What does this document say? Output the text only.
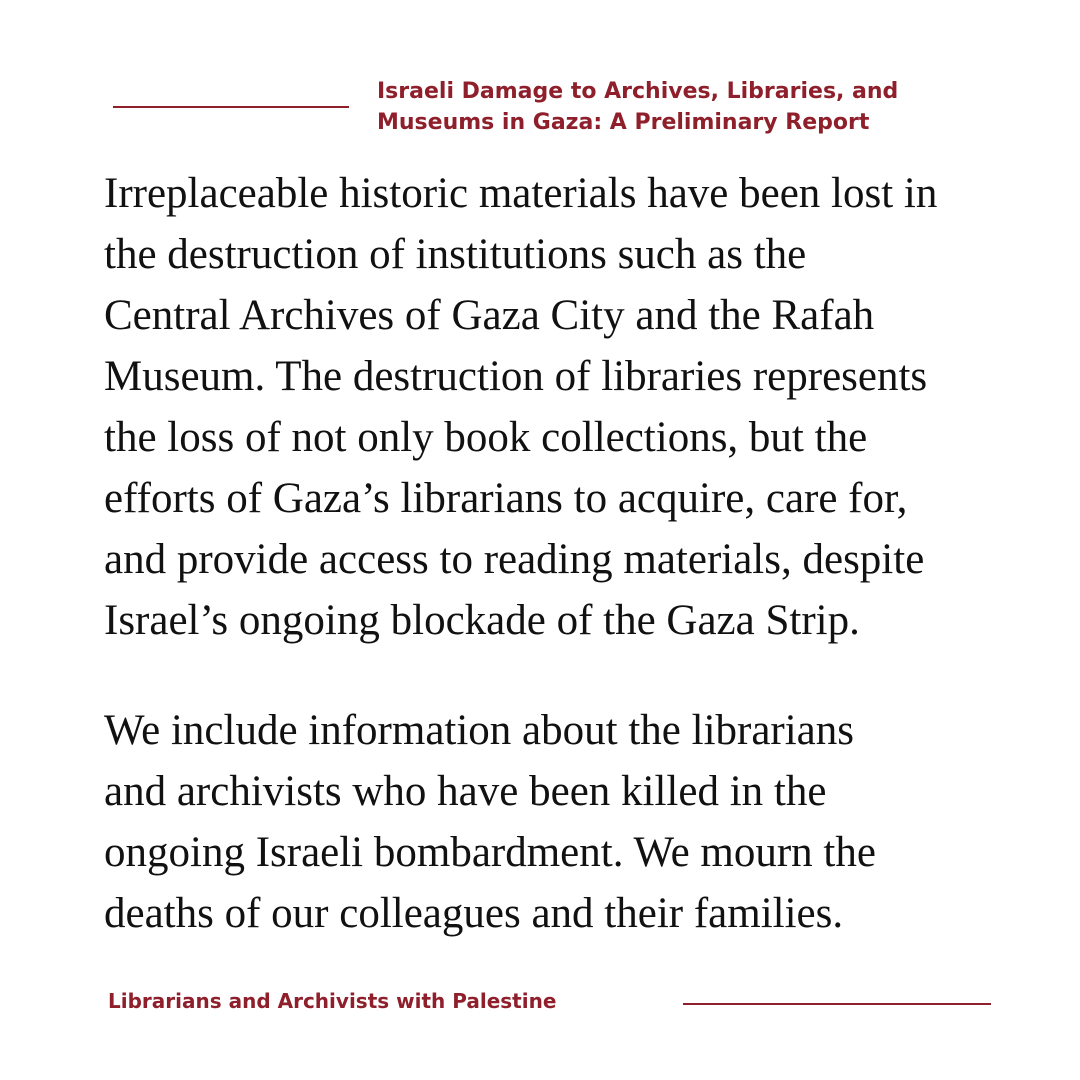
Israeli Damage to Archives, Libraries, and
Museums in Gaza: A Preliminary Report

Irreplaceable historic materials have been lost in
the destruction of institutions such as the
Central Archives of Gaza City and the Rafah
Museum. The destruction of libraries represents
the loss of not only book collections, but the
efforts of Gaza’s librarians to acquire, care for,
and provide access to reading materials, despite
Israel’s ongoing blockade of the Gaza Strip.

We include information about the librarians
and archivists who have been killed in the
ongoing Israeli bombardment. We mourn the
deaths of our colleagues and their families.

Librarians and Archivists with Palestine
